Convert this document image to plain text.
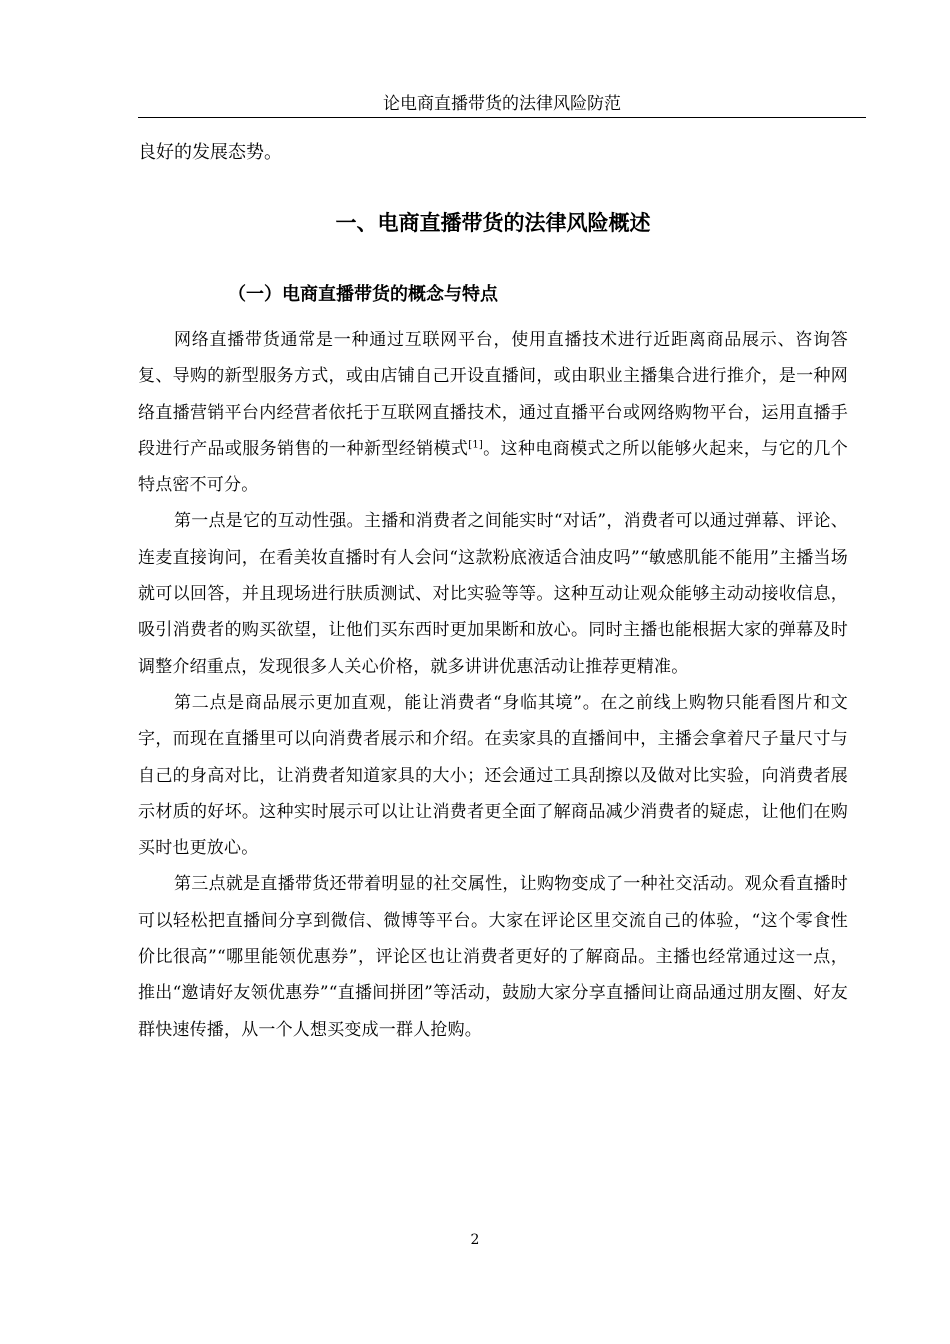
论电商直播带货的法律风险防范

良好的发展态势。

一、电商直播带货的法律风险概述
（一）电商直播带货的概念与特点

网络直播带货通常是一种通过互联网平台，使用直播技术进行近距离商品展示、咨询答复、导购的新型服务方式，或由店铺自己开设直播间，或由职业主播集合进行推介，是一种网络直播营销平台内经营者依托于互联网直播技术，通过直播平台或网络购物平台，运用直播手段进行产品或服务销售的一种新型经销模式[1]。这种电商模式之所以能够火起来，与它的几个特点密不可分。

第一点是它的互动性强。主播和消费者之间能实时“对话”，消费者可以通过弹幕、评论、连麦直接询问，在看美妆直播时有人会问“这款粉底液适合油皮吗”“敏感肌能不能用”主播当场就可以回答，并且现场进行肤质测试、对比实验等等。这种互动让观众能够主动动接收信息，吸引消费者的购买欲望，让他们买东西时更加果断和放心。同时主播也能根据大家的弹幕及时调整介绍重点，发现很多人关心价格，就多讲讲优惠活动让推荐更精准。

第二点是商品展示更加直观，能让消费者“身临其境”。在之前线上购物只能看图片和文字，而现在直播里可以向消费者展示和介绍。在卖家具的直播间中，主播会拿着尺子量尺寸与自己的身高对比，让消费者知道家具的大小；还会通过工具刮擦以及做对比实验，向消费者展示材质的好坏。这种实时展示可以让让消费者更全面了解商品减少消费者的疑虑，让他们在购买时也更放心。

第三点就是直播带货还带着明显的社交属性，让购物变成了一种社交活动。观众看直播时可以轻松把直播间分享到微信、微博等平台。大家在评论区里交流自己的体验，“这个零食性价比很高”“哪里能领优惠券”，评论区也让消费者更好的了解商品。主播也经常通过这一点，推出“邀请好友领优惠券”“直播间拼团”等活动，鼓励大家分享直播间让商品通过朋友圈、好友群快速传播，从一个人想买变成一群人抢购。

2
